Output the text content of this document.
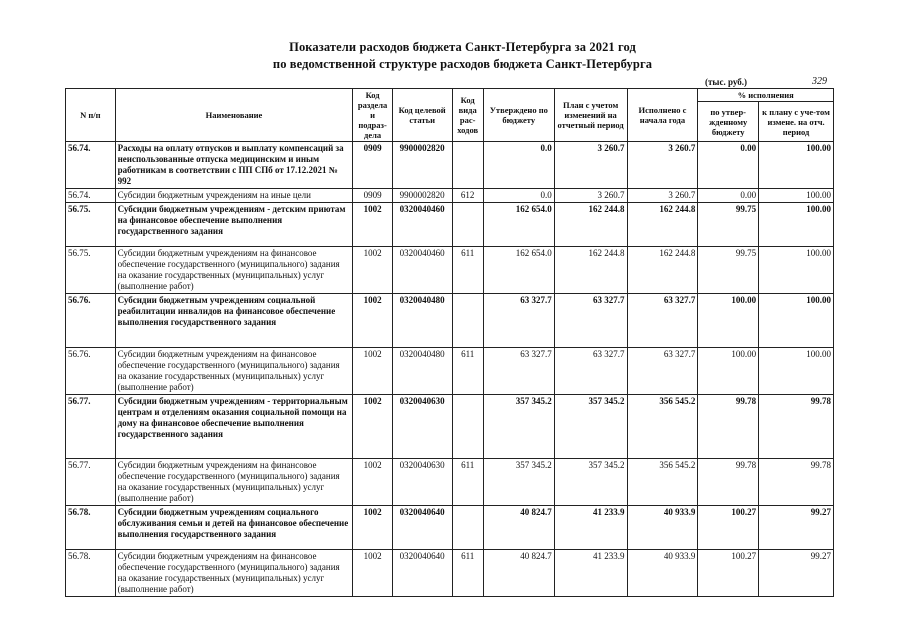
Показатели расходов бюджета Санкт-Петербурга за 2021 год
по ведомственной структуре расходов бюджета Санкт-Петербурга
(тыс. руб.)	329
N п/п	Наименование	Код раздела и подраз-дела	Код целевой статьи	Код вида рас-ходов	Утверждено по бюджету	План с учетом изменений на отчетный период	Исполнено с начала года	% исполнения	
								по утвер-жденному бюджету	к плану с уче-том измене. на отч. период
56.74.	Расходы на оплату отпусков и выплату компенсаций за неиспользованные отпуска медицинским и иным работникам в соответствии с ПП СПб от 17.12.2021 № 992	0909	9900002820		0.0	3 260.7	3 260.7	0.00	100.00
56.74.	Субсидии бюджетным учреждениям на иные цели	0909	9900002820	612	0.0	3 260.7	3 260.7	0.00	100.00
56.75.	Субсидии бюджетным учреждениям - детским приютам на финансовое обеспечение выполнения государственного задания	1002	0320040460		162 654.0	162 244.8	162 244.8	99.75	100.00
56.75.	Субсидии бюджетным учреждениям на финансовое обеспечение государственного (муниципального) задания на оказание государственных (муниципальных) услуг (выполнение работ)	1002	0320040460	611	162 654.0	162 244.8	162 244.8	99.75	100.00
56.76.	Субсидии бюджетным учреждениям социальной реабилитации инвалидов на финансовое обеспечение выполнения государственного задания	1002	0320040480		63 327.7	63 327.7	63 327.7	100.00	100.00
56.76.	Субсидии бюджетным учреждениям на финансовое обеспечение государственного (муниципального) задания на оказание государственных (муниципальных) услуг (выполнение работ)	1002	0320040480	611	63 327.7	63 327.7	63 327.7	100.00	100.00
56.77.	Субсидии бюджетным учреждениям - территориальным центрам и отделениям оказания социальной помощи на дому на финансовое обеспечение выполнения государственного задания	1002	0320040630		357 345.2	357 345.2	356 545.2	99.78	99.78
56.77.	Субсидии бюджетным учреждениям на финансовое обеспечение государственного (муниципального) задания на оказание государственных (муниципальных) услуг (выполнение работ)	1002	0320040630	611	357 345.2	357 345.2	356 545.2	99.78	99.78
56.78.	Субсидии бюджетным учреждениям социального обслуживания семьи и детей на финансовое обеспечение выполнения государственного задания	1002	0320040640		40 824.7	41 233.9	40 933.9	100.27	99.27
56.78.	Субсидии бюджетным учреждениям на финансовое обеспечение государственного (муниципального) задания на оказание государственных (муниципальных) услуг (выполнение работ)	1002	0320040640	611	40 824.7	41 233.9	40 933.9	100.27	99.27
